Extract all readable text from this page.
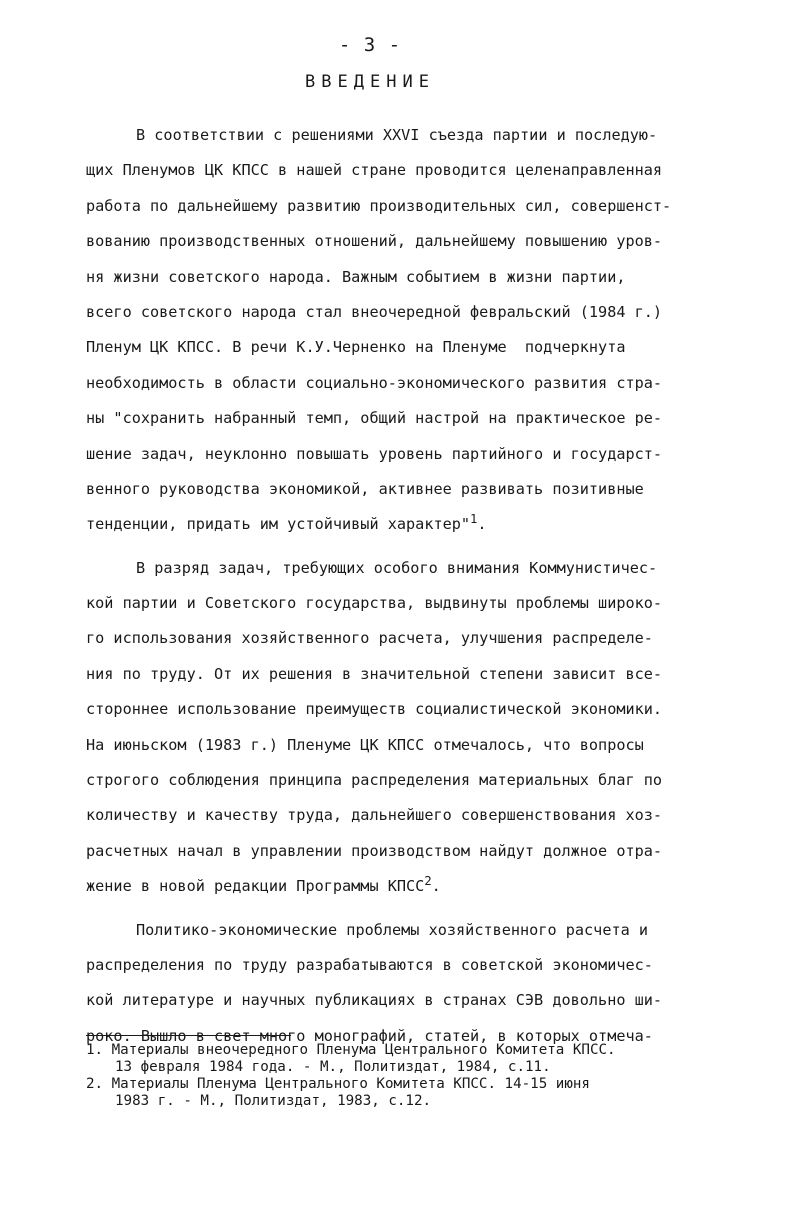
- 3 -
ВВЕДЕНИЕ
В соответствии с решениями XXVI съезда партии и последую-
щих Пленумов ЦК КПСС в нашей стране проводится целенаправленная
работа по дальнейшему развитию производительных сил, совершенст-
вованию производственных отношений, дальнейшему повышению уров-
ня жизни советского народа. Важным событием в жизни партии,
всего советского народа стал внеочередной февральский (1984 г.)
Пленум ЦК КПСС. В речи К.У.Черненко на Пленуме  подчеркнута
необходимость в области социально-экономического развития стра-
ны "сохранить набранный темп, общий настрой на практическое ре-
шение задач, неуклонно повышать уровень партийного и государст-
венного руководства экономикой, активнее развивать позитивные
тенденции, придать им устойчивый характер"$^1$.
В разряд задач, требующих особого внимания Коммунистичес-
кой партии и Советского государства, выдвинуты проблемы широко-
го использования хозяйственного расчета, улучшения распределе-
ния по труду. От их решения в значительной степени зависит все-
стороннее использование преимуществ социалистической экономики.
На июньском (1983 г.) Пленуме ЦК КПСС отмечалось, что вопросы
строгого соблюдения принципа распределения материальных благ по
количеству и качеству труда, дальнейшего совершенствования хоз-
расчетных начал в управлении производством найдут должное отра-
жение в новой редакции Программы КПСС$^2$.
Политико-экономические проблемы хозяйственного расчета и
распределения по труду разрабатываются в советской экономичес-
кой литературе и научных публикациях в странах СЭВ довольно ши-
роко. Вышло в свет много монографий, статей, в которых отмеча-
1. Материалы внеочередного Пленума Центрального Комитета КПСС.
13 февраля 1984 года. - М., Политиздат, 1984, с.11.
2. Материалы Пленума Центрального Комитета КПСС. 14-15 июня
1983 г. - М., Политиздат, 1983, с.12.
